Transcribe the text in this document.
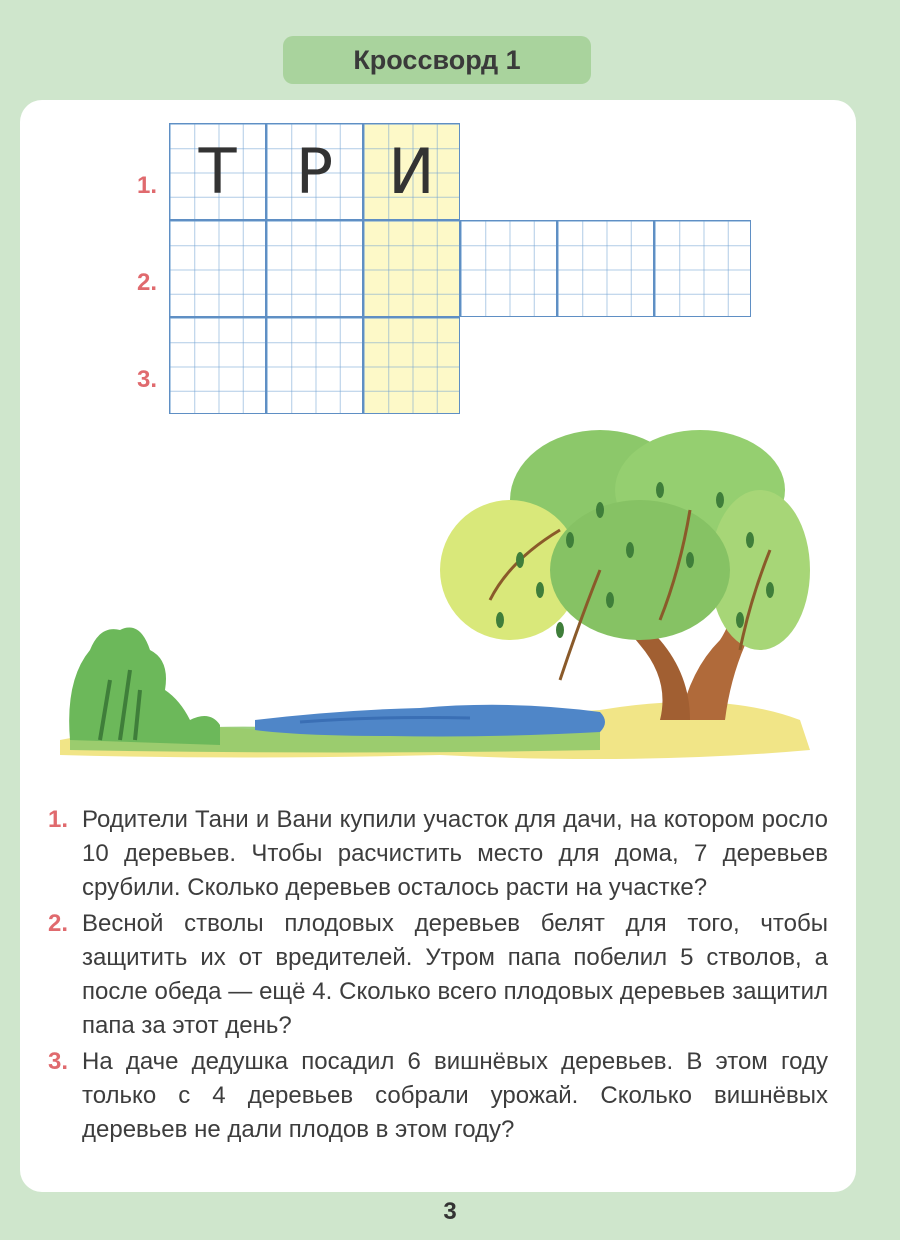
Кроссворд 1
1.
2.
3.
Т Р И
1. Родители Тани и Вани купили участок для дачи, на котором росло 10 деревьев. Чтобы расчистить место для дома, 7 деревьев срубили. Сколько деревьев осталось расти на участке?
2. Весной стволы плодовых деревьев белят для того, чтобы защитить их от вредителей. Утром папа побелил 5 стволов, а после обеда — ещё 4. Сколько всего плодовых деревьев защитил папа за этот день?
3. На даче дедушка посадил 6 вишнёвых деревьев. В этом году только с 4 деревьев собрали урожай. Сколько вишнёвых деревьев не дали плодов в этом году?
3
